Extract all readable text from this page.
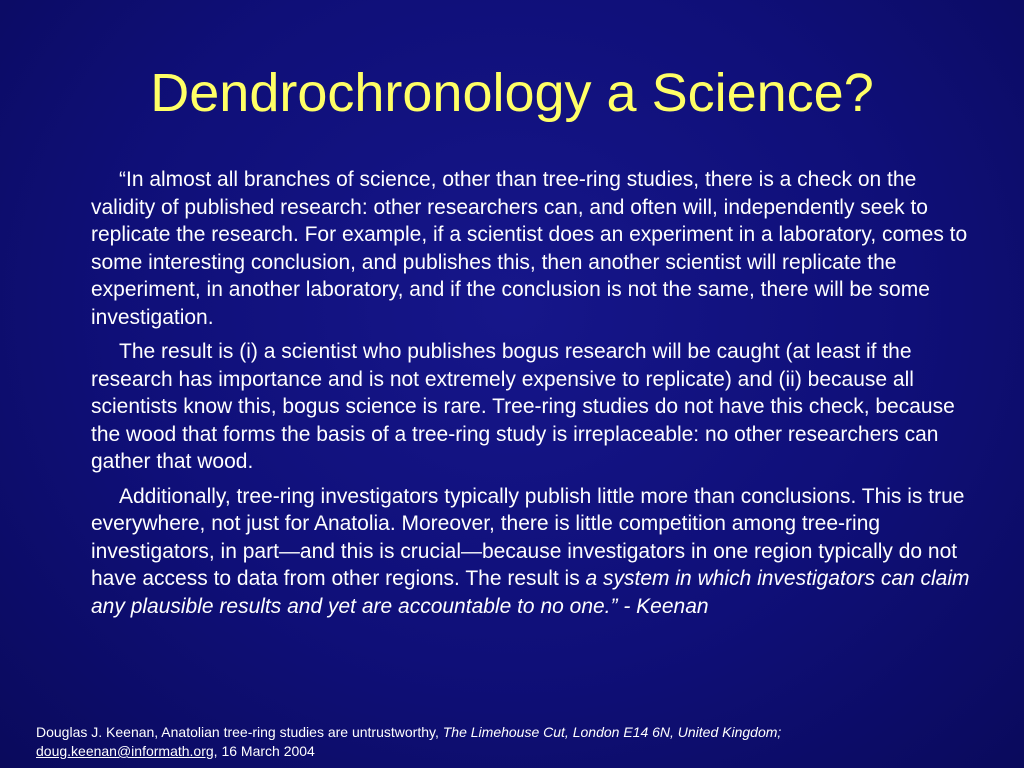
Dendrochronology a Science?

“In almost all branches of science, other than tree-ring studies, there is a check on the validity of published research: other researchers can, and often will, independently seek to replicate the research. For example, if a scientist does an experiment in a laboratory, comes to some interesting conclusion, and publishes this, then another scientist will replicate the experiment, in another laboratory, and if the conclusion is not the same, there will be some investigation.

The result is (i) a scientist who publishes bogus research will be caught (at least if the research has importance and is not extremely expensive to replicate) and (ii) because all scientists know this, bogus science is rare. Tree-ring studies do not have this check, because the wood that forms the basis of a tree-ring study is irreplaceable: no other researchers can gather that wood.

Additionally, tree-ring investigators typically publish little more than conclusions. This is true everywhere, not just for Anatolia. Moreover, there is little competition among tree-ring investigators, in part—and this is crucial—because investigators in one region typically do not have access to data from other regions. The result is a system in which investigators can claim any plausible results and yet are accountable to no one.” - Keenan

Douglas J. Keenan, Anatolian tree-ring studies are untrustworthy, The Limehouse Cut, London E14 6N, United Kingdom;
doug.keenan@informath.org, 16 March 2004
